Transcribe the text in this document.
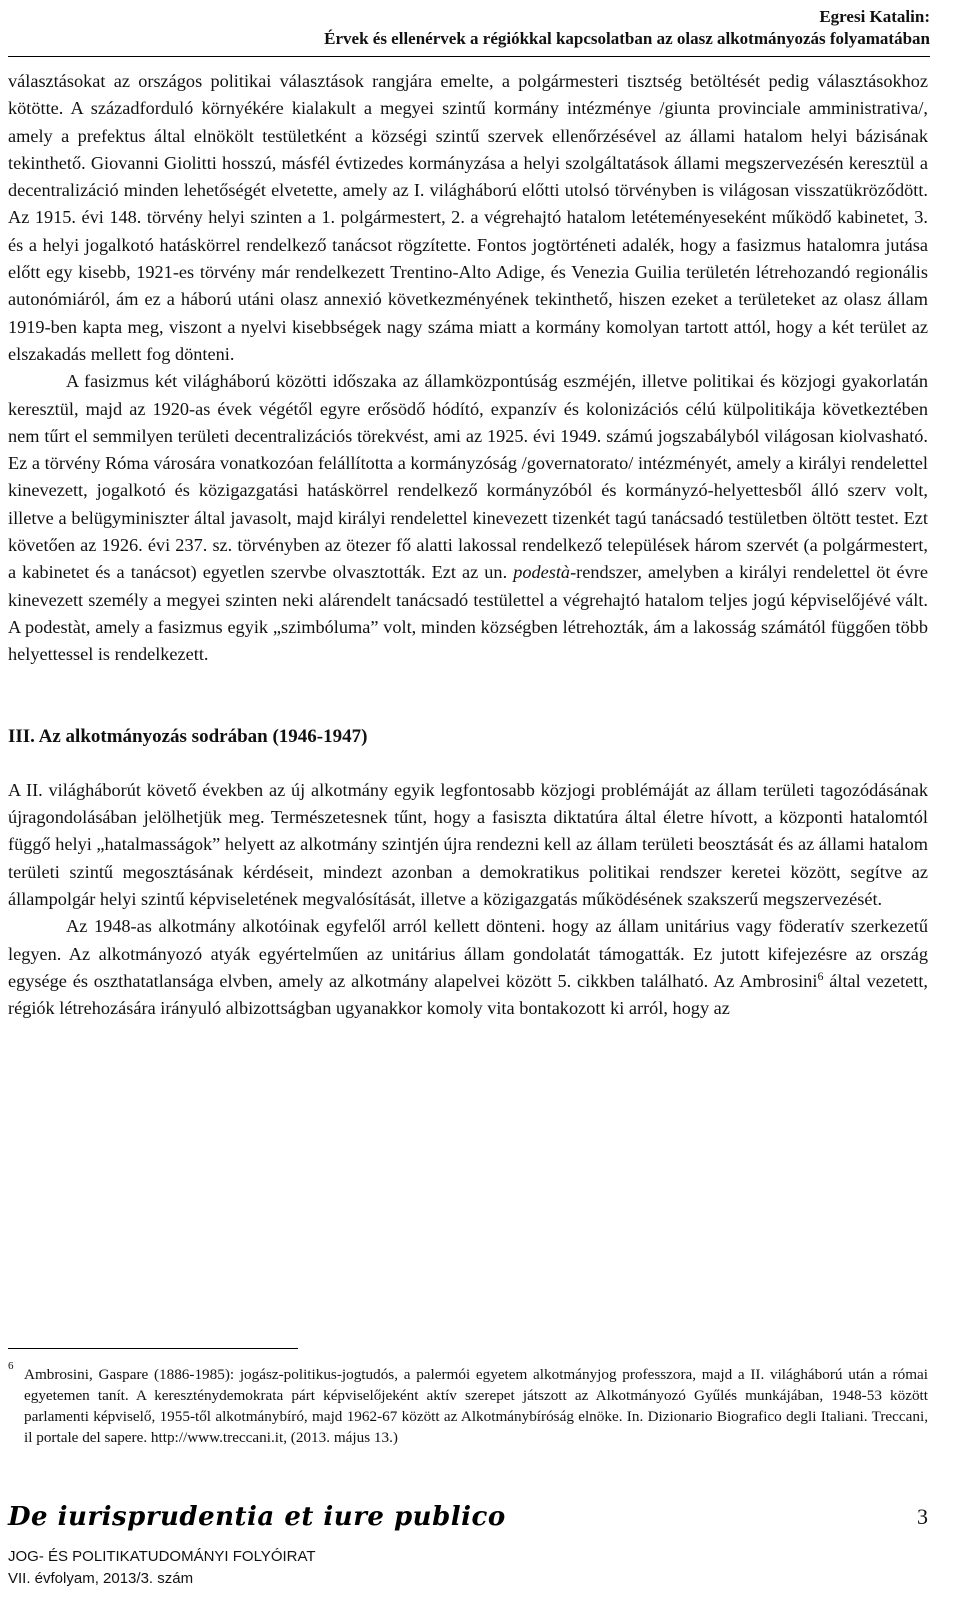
Egresi Katalin:
Érvek és ellenérvek a régiókkal kapcsolatban az olasz alkotmányozás folyamatában

választásokat az országos politikai választások rangjára emelte, a polgármesteri tisztség betöltését pedig választásokhoz kötötte. A századforduló környékére kialakult a megyei szintű kormány intézménye /giunta provinciale amministrativa/, amely a prefektus által elnökölt testületként a községi szintű szervek ellenőrzésével az állami hatalom helyi bázisának tekinthető. Giovanni Giolitti hosszú, másfél évtizedes kormányzása a helyi szolgáltatások állami megszervezésén keresztül a decentralizáció minden lehetőségét elvetette, amely az I. világháború előtti utolsó törvényben is világosan visszatükröződött. Az 1915. évi 148. törvény helyi szinten a 1. polgármestert, 2. a végrehajtó hatalom letéteményeseként működő kabinetet, 3. és a helyi jogalkotó hatáskörrel rendelkező tanácsot rögzítette. Fontos jogtörténeti adalék, hogy a fasizmus hatalomra jutása előtt egy kisebb, 1921-es törvény már rendelkezett Trentino-Alto Adige, és Venezia Guilia területén létrehozandó regionális autonómiáról, ám ez a háború utáni olasz annexió következményének tekinthető, hiszen ezeket a területeket az olasz állam 1919-ben kapta meg, viszont a nyelvi kisebbségek nagy száma miatt a kormány komolyan tartott attól, hogy a két terület az elszakadás mellett fog dönteni.

A fasizmus két világháború közötti időszaka az államközpontúság eszméjén, illetve politikai és közjogi gyakorlatán keresztül, majd az 1920-as évek végétől egyre erősödő hódító, expanzív és kolonizációs célú külpolitikája következtében nem tűrt el semmilyen területi decentralizációs törekvést, ami az 1925. évi 1949. számú jogszabályból világosan kiolvasható. Ez a törvény Róma városára vonatkozóan felállította a kormányzóság /governatorato/ intézményét, amely a királyi rendelettel kinevezett, jogalkotó és közigazgatási hatáskörrel rendelkező kormányzóból és kormányzó-helyettesből álló szerv volt, illetve a belügyminiszter által javasolt, majd királyi rendelettel kinevezett tizenkét tagú tanácsadó testületben öltött testet. Ezt követően az 1926. évi 237. sz. törvényben az ötezer fő alatti lakossal rendelkező települések három szervét (a polgármestert, a kabinetet és a tanácsot) egyetlen szervbe olvasztották. Ezt az un. podestà-rendszer, amelyben a királyi rendelettel öt évre kinevezett személy a megyei szinten neki alárendelt tanácsadó testülettel a végrehajtó hatalom teljes jogú képviselőjévé vált. A podestàt, amely a fasizmus egyik „szimbóluma” volt, minden községben létrehozták, ám a lakosság számától függően több helyettessel is rendelkezett.

III. Az alkotmányozás sodrában (1946-1947)

A II. világháborút követő években az új alkotmány egyik legfontosabb közjogi problémáját az állam területi tagozódásának újragondolásában jelölhetjük meg. Természetesnek tűnt, hogy a fasiszta diktatúra által életre hívott, a központi hatalomtól függő helyi „hatalmasságok” helyett az alkotmány szintjén újra rendezni kell az állam területi beosztását és az állami hatalom területi szintű megosztásának kérdéseit, mindezt azonban a demokratikus politikai rendszer keretei között, segítve az állampolgár helyi szintű képviseletének megvalósítását, illetve a közigazgatás működésének szakszerű megszervezését.

Az 1948-as alkotmány alkotóinak egyfelől arról kellett dönteni. hogy az állam unitárius vagy föderatív szerkezetű legyen. Az alkotmányozó atyák egyértelműen az unitárius állam gondolatát támogatták. Ez jutott kifejezésre az ország egysége és oszthatatlansága elvben, amely az alkotmány alapelvei között 5. cikkben található. Az Ambrosini$^6$ által vezetett, régiók létrehozására irányuló albizottságban ugyanakkor komoly vita bontakozott ki arról, hogy az

6 Ambrosini, Gaspare (1886-1985): jogász-politikus-jogtudós, a palermói egyetem alkotmányjog professzora, majd a II. világháború után a római egyetemen tanít. A kereszténydemokrata párt képviselőjeként aktív szerepet játszott az Alkotmányozó Gyűlés munkájában, 1948-53 között parlamenti képviselő, 1955-től alkotmánybíró, majd 1962-67 között az Alkotmánybíróság elnöke. In. Dizionario Biografico degli Italiani. Treccani, il portale del sapere. http://www.treccani.it, (2013. május 13.)
De iurisprudentia et iure publico	3
JOG- ÉS POLITIKATUDOMÁNYI FOLYÓIRAT
VII. évfolyam, 2013/3. szám
